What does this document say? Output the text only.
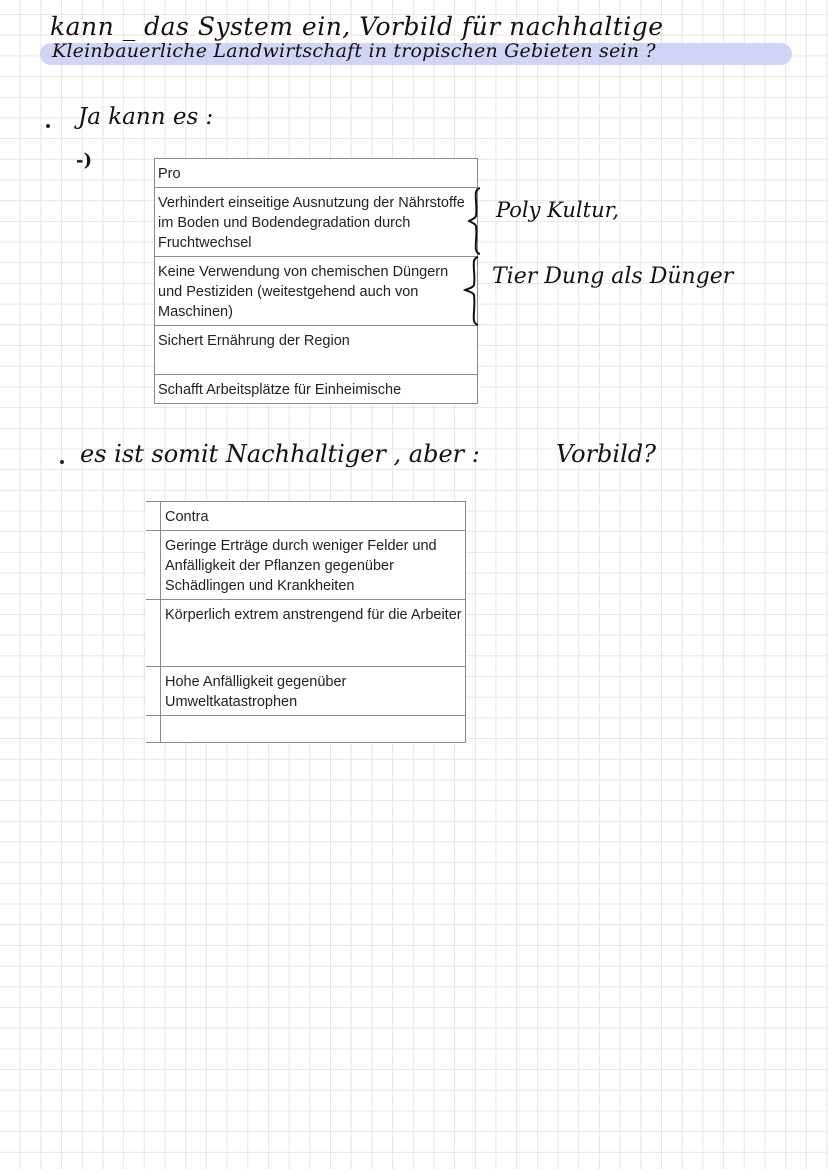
kann _ das System ein, Vorbild für nachhaltige
Kleinbauerliche Landwirtschaft in tropischen Gebieten sein ?
Ja kann es :
-)
Pro
Verhindert einseitige Ausnutzung der Nährstoffe im Boden und Bodendegradation durch Fruchtwechsel
Keine Verwendung von chemischen Düngern und Pestiziden (weitestgehend auch von Maschinen)
Sichert Ernährung der Region
Schafft Arbeitsplätze für Einheimische
Poly Kultur,
Tier Dung als Dünger
es ist somit Nachhaltiger , aber :	Vorbild?
	Contra
	Geringe Erträge durch weniger Felder und Anfälligkeit der Pflanzen gegenüber Schädlingen und Krankheiten
	Körperlich extrem anstrengend für die Arbeiter
	Hohe Anfälligkeit gegenüber Umweltkatastrophen
